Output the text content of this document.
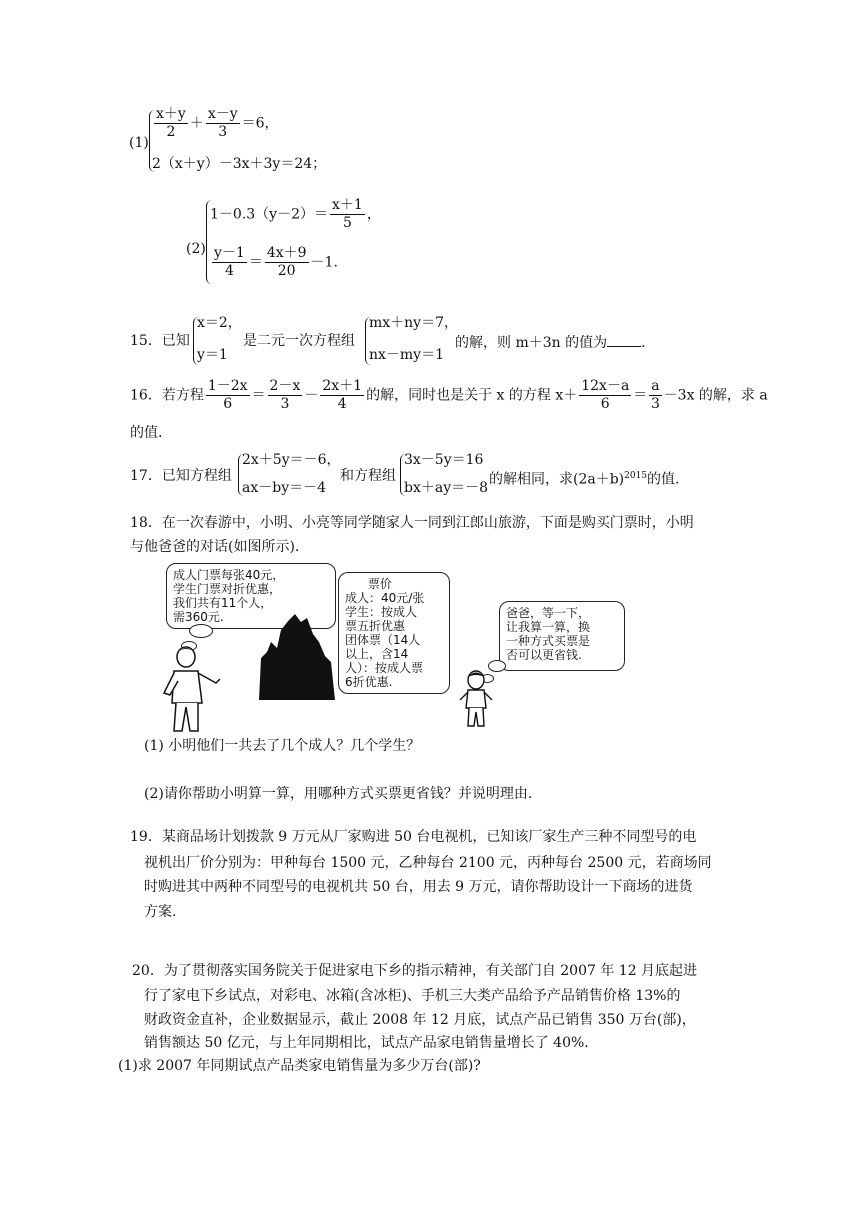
(1)
$\frac{x+y}{2} + \frac{x-y}{3} =6$，
2（x＋y）－3x＋3y＝24；
(2)
$1-0.3(y-2)= \frac{x+1}{5}$ ，
$\frac{y-1}{4} = \frac{4x+9}{20} -1$.
15．已知
x＝2，
y＝1
是二元一次方程组
mx＋ny＝7，
nx－my＝1
的解，则 m＋3n 的值为 .
16．若方程 $\frac{1-2x}{6} = \frac{2-x}{3} - \frac{2x+1}{4}$ 的解，同时也是关于 x 的方程 $x+ \frac{12x-a}{6} = \frac{a}{3} -3x$ 的解，求 a
的值.
17．已知方程组
2x＋5y＝－6，
ax－by＝－4
和方程组
3x－5y＝16
bx＋ay＝－8
的解相同，求$(2a+b)^{2015}$的值.
18．在一次春游中，小明、小亮等同学随家人一同到江郎山旅游，下面是购买门票时，小明
与他爸爸的对话(如图所示).
成人门票每张40元，
学生门票对折优惠，
我们共有11个人，
需360元.
票价
成人：40元/张
学生：按成人
票五折优惠
团体票（14人
以上，含14
人）：按成人票
6折优惠.
爸爸，等一下，
让我算一算，换
一种方式买票是
否可以更省钱.
(1) 小明他们一共去了几个成人？几个学生？
(2)请你帮助小明算一算，用哪种方式买票更省钱？并说明理由.
19．某商品场计划拨款 9 万元从厂家购进 50 台电视机，已知该厂家生产三种不同型号的电
视机出厂价分别为：甲种每台 1500 元，乙种每台 2100 元，丙种每台 2500 元，若商场同
时购进其中两种不同型号的电视机共 50 台，用去 9 万元，请你帮助设计一下商场的进货
方案.
20．为了贯彻落实国务院关于促进家电下乡的指示精神，有关部门自 2007 年 12 月底起进
行了家电下乡试点，对彩电、冰箱(含冰柜)、手机三大类产品给予产品销售价格 13%的
财政资金直补，企业数据显示，截止 2008 年 12 月底，试点产品已销售 350 万台(部)，
销售额达 50 亿元，与上年同期相比，试点产品家电销售量增长了 40%.
(1)求 2007 年同期试点产品类家电销售量为多少万台(部)?
